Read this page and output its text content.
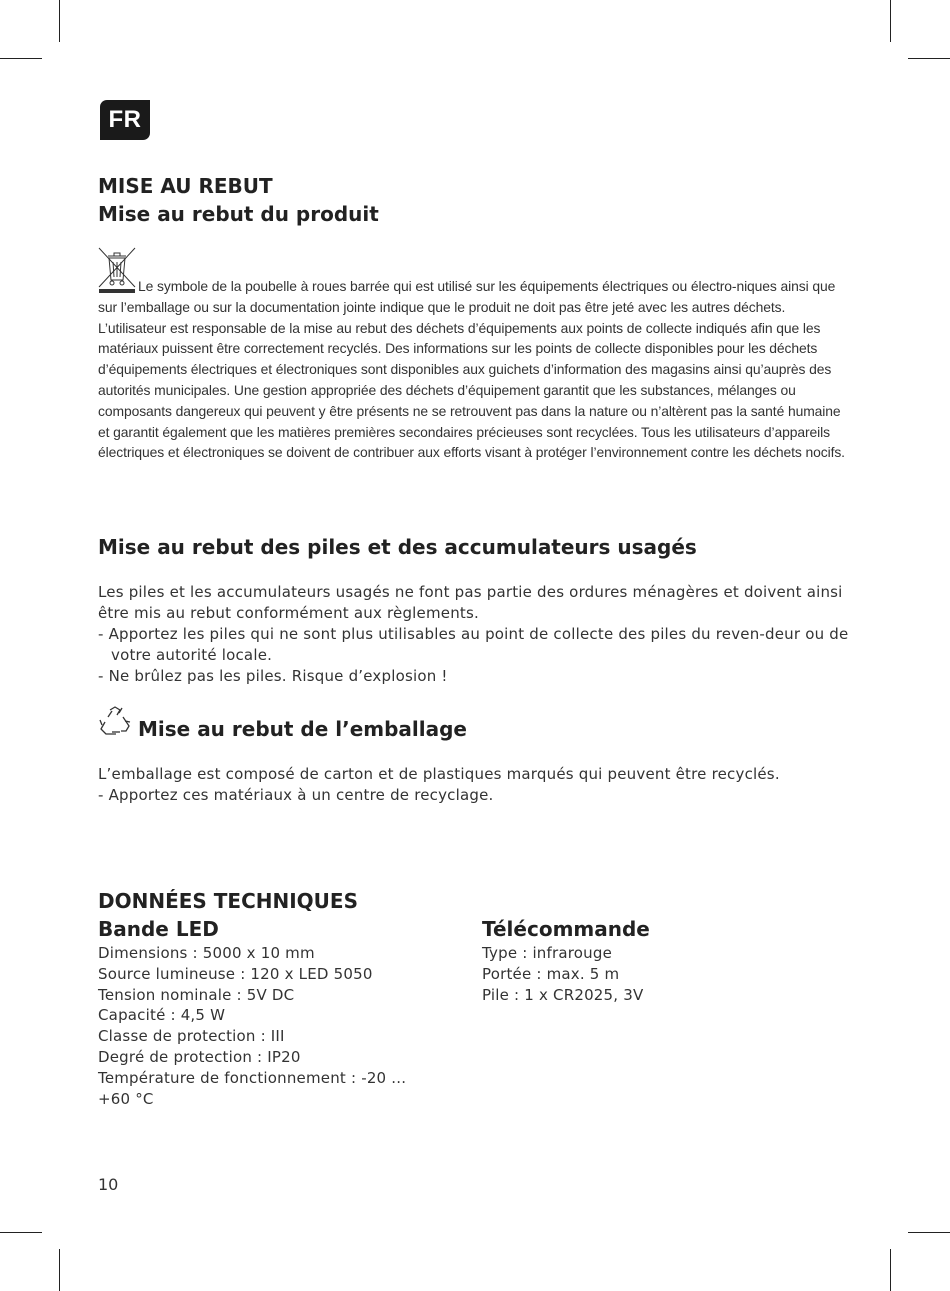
FR
MISE AU REBUT
Mise au rebut du produit

Le symbole de la poubelle à roues barrée qui est utilisé sur les équipements électriques ou électro-niques ainsi que sur l’emballage ou sur la documentation jointe indique que le produit ne doit pas être jeté avec les autres déchets. L’utilisateur est responsable de la mise au rebut des déchets d’équipements aux points de collecte indiqués afin que les matériaux puissent être correctement recyclés. Des informations sur les points de collecte disponibles pour les déchets d’équipements électriques et électroniques sont disponibles aux guichets d’information des magasins ainsi qu’auprès des autorités municipales. Une gestion appropriée des déchets d’équipement garantit que les substances, mélanges ou composants dangereux qui peuvent y être présents ne se retrouvent pas dans la nature ou n’altèrent pas la santé humaine et garantit également que les matières premières secondaires précieuses sont recyclées. Tous les utilisateurs d’appareils électriques et électroniques se doivent de contribuer aux efforts visant à protéger l’environnement contre les déchets nocifs.

Mise au rebut des piles et des accumulateurs usagés
Les piles et les accumulateurs usagés ne font pas partie des ordures ménagères et doivent ainsi être mis au rebut conformément aux règlements.
- Apportez les piles qui ne sont plus utilisables au point de collecte des piles du reven-deur ou de votre autorité locale.
- Ne brûlez pas les piles. Risque d’explosion !
Mise au rebut de l’emballage
L’emballage est composé de carton et de plastiques marqués qui peuvent être recyclés.
- Apportez ces matériaux à un centre de recyclage.
DONNÉES TECHNIQUES
Bande LED
Dimensions : 5000 x 10 mm
Source lumineuse : 120 x LED 5050
Tension nominale : 5V DC
Capacité : 4,5 W
Classe de protection : III
Degré de protection : IP20
Température de fonctionnement : -20 ...
+60 °C
Télécommande
Type : infrarouge
Portée : max. 5 m
Pile : 1 x CR2025, 3V
10
